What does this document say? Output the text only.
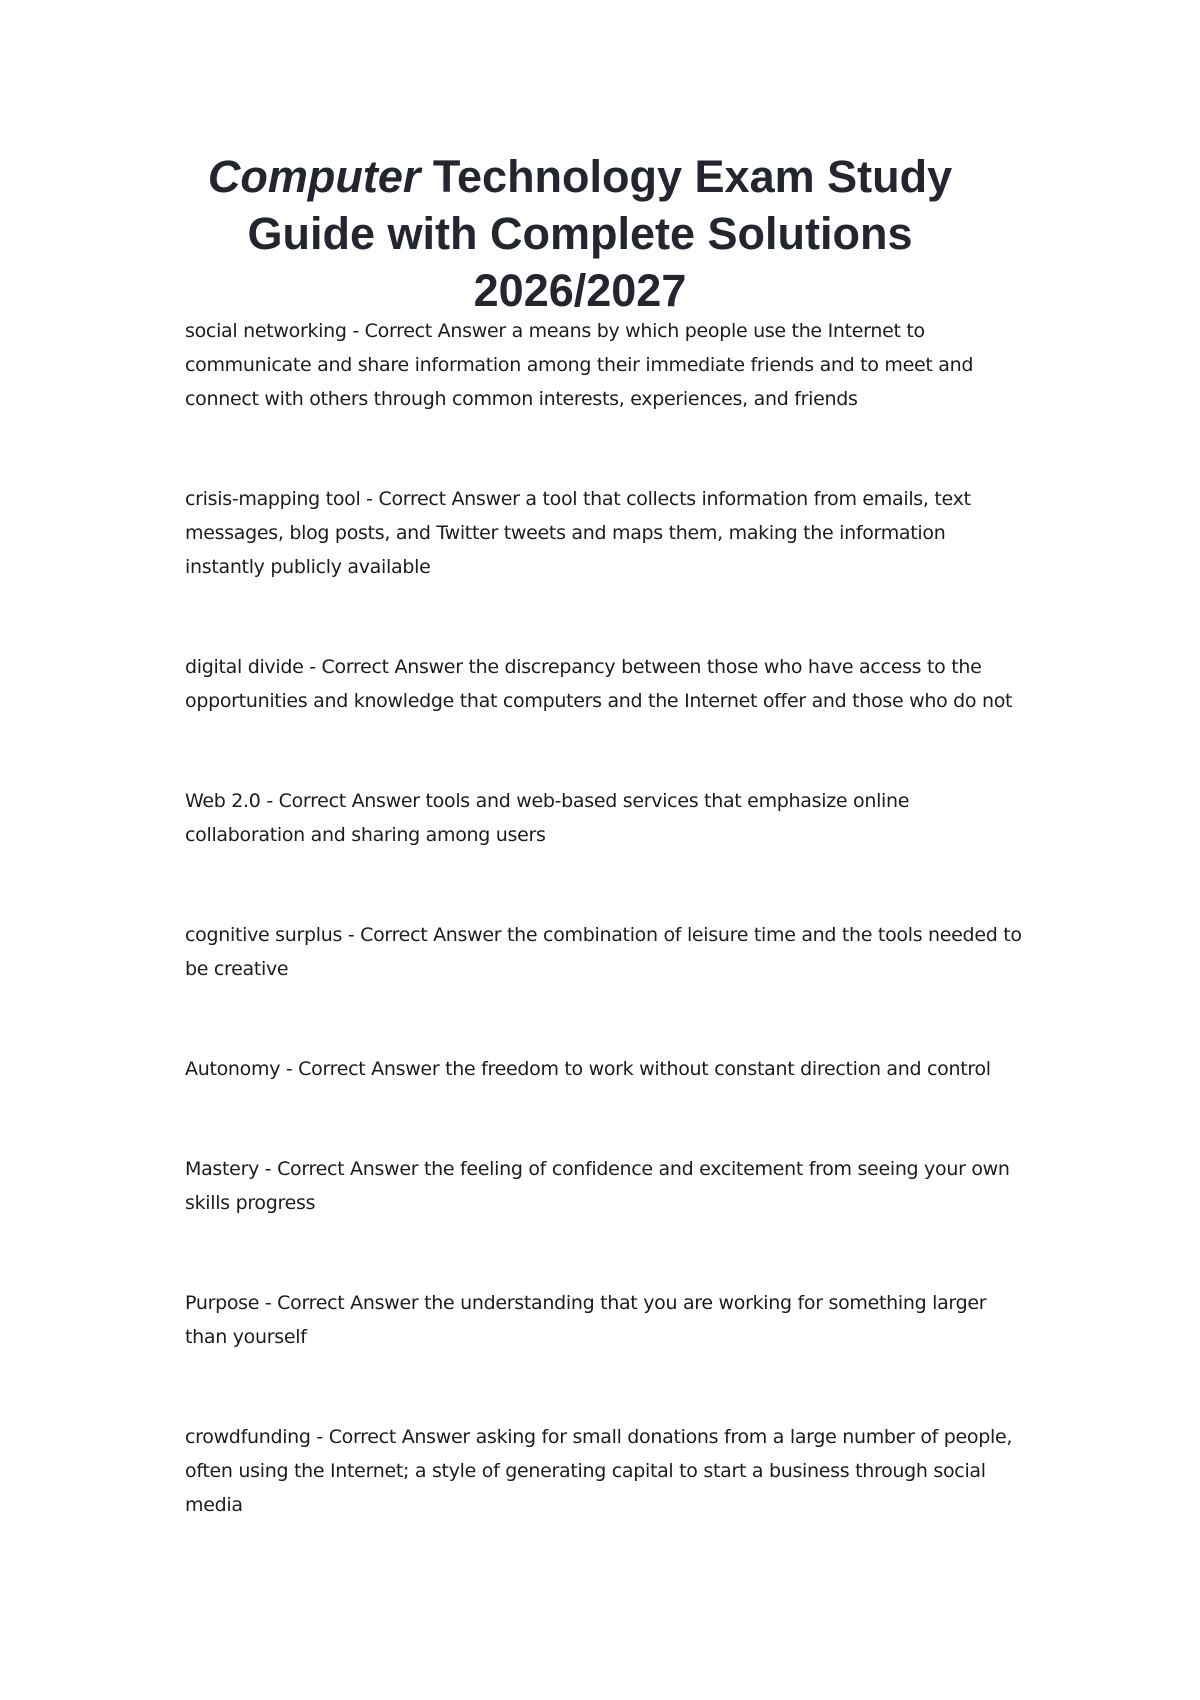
Computer Technology Exam Study Guide with Complete Solutions 2026/2027

social networking - Correct Answer a means by which people use the Internet to communicate and share information among their immediate friends and to meet and connect with others through common interests, experiences, and friends

crisis-mapping tool - Correct Answer a tool that collects information from emails, text messages, blog posts, and Twitter tweets and maps them, making the information instantly publicly available

digital divide - Correct Answer the discrepancy between those who have access to the opportunities and knowledge that computers and the Internet offer and those who do not

Web 2.0 - Correct Answer tools and web-based services that emphasize online collaboration and sharing among users

cognitive surplus - Correct Answer the combination of leisure time and the tools needed to be creative

Autonomy - Correct Answer the freedom to work without constant direction and control

Mastery - Correct Answer the feeling of confidence and excitement from seeing your own skills progress

Purpose - Correct Answer the understanding that you are working for something larger than yourself

crowdfunding - Correct Answer asking for small donations from a large number of people, often using the Internet; a style of generating capital to start a business through social media
